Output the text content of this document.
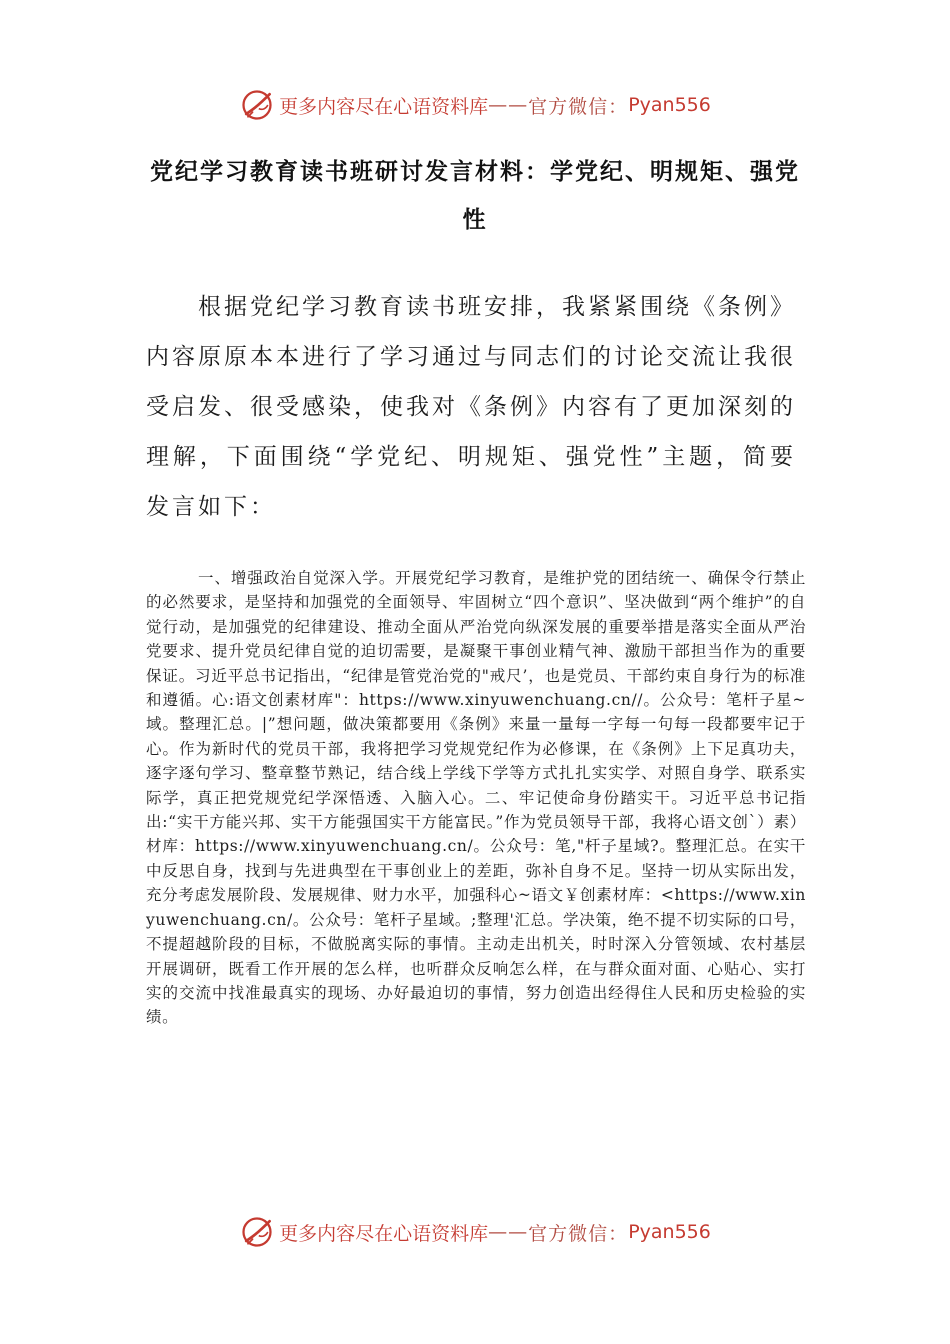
更多内容尽在心语资料库 —— 官方微信： Pyan556
党纪学习教育读书班研讨发言材料：学党纪、明规矩、强党性

根据党纪学习教育读书班安排，我紧紧围绕《条例》内容原原本本进行了学习通过与同志们的讨论交流让我很受启发、很受感染，使我对《条例》内容有了更加深刻的理解，下面围绕“学党纪、明规矩、强党性”主题，简要发言如下：

一、增强政治自觉深入学。开展党纪学习教育，是维护党的团结统一、确保令行禁止的必然要求，是坚持和加强党的全面领导、牢固树立“四个意识”、坚决做到“两个维护”的自觉行动，是加强党的纪律建设、推动全面从严治党向纵深发展的重要举措是落实全面从严治党要求、提升党员纪律自觉的迫切需要，是凝聚干事创业精气神、激励干部担当作为的重要保证。习近平总书记指出，“纪律是管党治党的"戒尺’，也是党员、干部约束自身行为的标准和遵循。心:语文创素材库"：https://www.xinyuwenchuang.cn//。公众号：笔杆子星~域。整理汇总。|”想问题，做决策都要用《条例》来量一量每一字每一句每一段都要牢记于心。作为新时代的党员干部，我将把学习党规党纪作为必修课，在《条例》上下足真功夫，逐字逐句学习、整章整节熟记，结合线上学线下学等方式扎扎实实学、对照自身学、联系实际学，真正把党规党纪学深悟透、入脑入心。二、牢记使命身份踏实干。习近平总书记指出:“实干方能兴邦、实干方能强国实干方能富民。”作为党员领导干部，我将心语文创`）素）材库：https://www.xinyuwenchuang.cn/。公众号：笔,"杆子星域?。整理汇总。在实干中反思自身，找到与先进典型在干事创业上的差距，弥补自身不足。坚持一切从实际出发，充分考虑发展阶段、发展规律、财力水平，加强科心~语文￥创素材库：<https://www.xinyuwenchuang.cn/。公众号：笔杆子星域。;整理'汇总。学决策，绝不提不切实际的口号，不提超越阶段的目标，不做脱离实际的事情。主动走出机关，时时深入分管领域、农村基层开展调研，既看工作开展的怎么样，也听群众反响怎么样，在与群众面对面、心贴心、实打实的交流中找准最真实的现场、办好最迫切的事情，努力创造出经得住人民和历史检验的实绩。

更多内容尽在心语资料库 —— 官方微信： Pyan556
